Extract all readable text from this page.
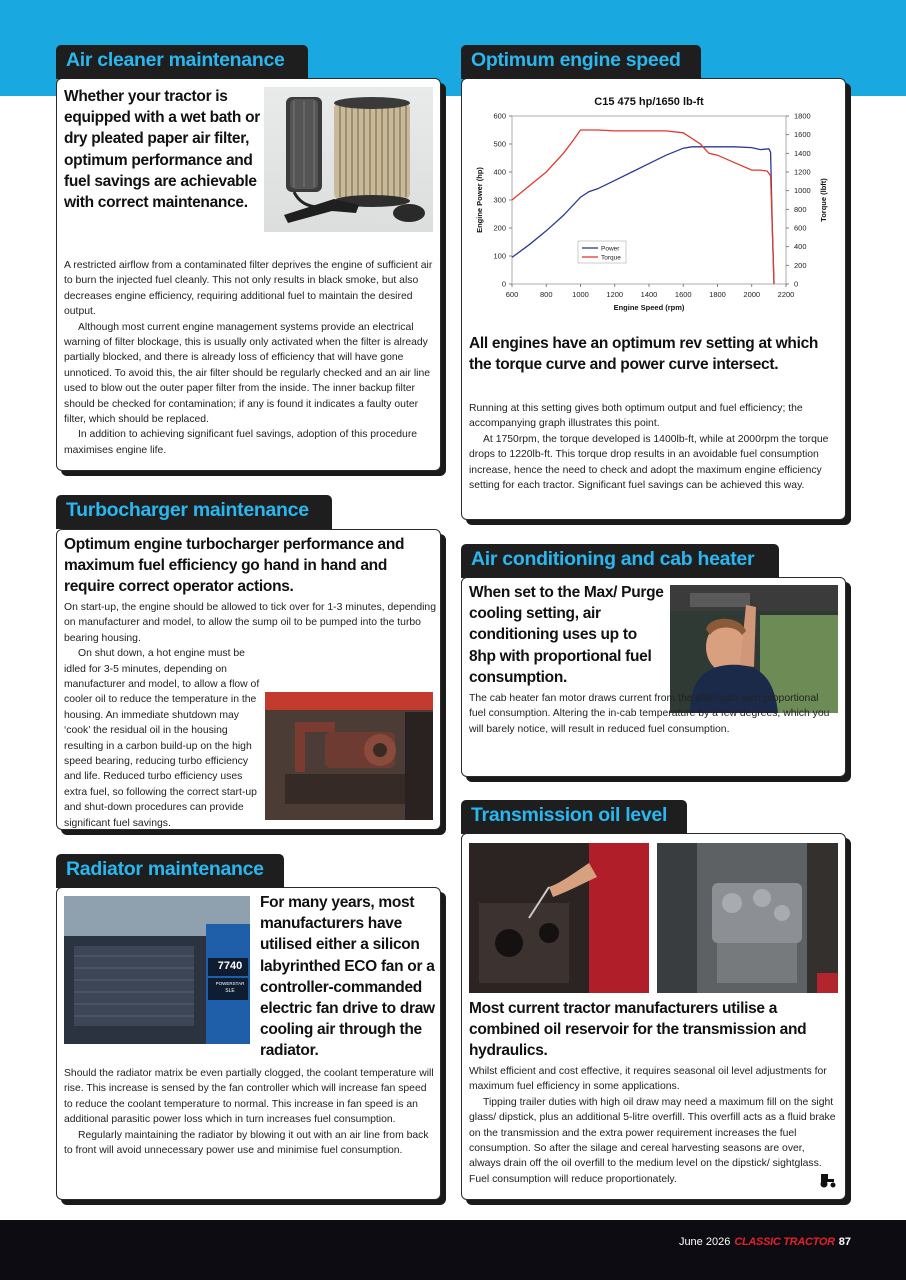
Air cleaner maintenance
Whether your tractor is equipped with a wet bath or dry pleated paper air filter, optimum performance and fuel savings are achievable with correct maintenance.

A restricted airflow from a contaminated filter deprives the engine of sufficient air to burn the injected fuel cleanly. This not only results in black smoke, but also decreases engine efficiency, requiring additional fuel to maintain the desired output.

Although most current engine management systems provide an electrical warning of filter blockage, this is usually only activated when the filter is already partially blocked, and there is already loss of efficiency that will have gone unnoticed. To avoid this, the air filter should be regularly checked and an air line used to blow out the outer paper filter from the inside. The inner backup filter should be checked for contamination; if any is found it indicates a faulty outer filter, which should be replaced.

In addition to achieving significant fuel savings, adoption of this procedure maximises engine life.

Turbocharger maintenance
Optimum engine turbocharger performance and maximum fuel efficiency go hand in hand and require correct operator actions.

On start-up, the engine should be allowed to tick over for 1-3 minutes, depending on manufacturer and model, to allow the sump oil to be pumped into the turbo bearing housing.

On shut down, a hot engine must be idled for 3-5 minutes, depending on manufacturer and model, to allow a flow of cooler oil to reduce the temperature in the housing. An immediate shutdown may ‘cook’ the residual oil in the housing resulting in a carbon build-up on the high speed bearing, reducing turbo efficiency and life. Reduced turbo efficiency uses extra fuel, so following the correct start-up and shut-down procedures can provide significant fuel savings.

Radiator maintenance
7740
POWERSTAR
SLE
For many years, most manufacturers have utilised either a silicon labyrinthed ECO fan or a controller-commanded electric fan drive to draw cooling air through the radiator.

Should the radiator matrix be even partially clogged, the coolant temperature will rise. This increase is sensed by the fan controller which will increase fan speed to reduce the coolant temperature to normal. This increase in fan speed is an additional parasitic power loss which in turn increases fuel consumption.

Regularly maintaining the radiator by blowing it out with an air line from back to front will avoid unnecessary power use and minimise fuel consumption.

Optimum engine speed
C15 475 hp/1650 lb-ft
600	800	1000 1200 1400 1600 1800 2000 2200
0
100
200
300
400
500
600
0
200
400
600
800
1000
1200
1400
1600
1800
Engine Speed (rpm)
Engine Power (hp)	Torque (lbft)
Power
Torque
All engines have an optimum rev setting at which the torque curve and power curve intersect.

Running at this setting gives both optimum output and fuel efficiency; the accompanying graph illustrates this point.

At 1750rpm, the torque developed is 1400lb-ft, while at 2000rpm the torque drops to 1220lb-ft. This torque drop results in an avoidable fuel consumption increase, hence the need to check and adopt the maximum engine efficiency setting for each tractor. Significant fuel savings can be achieved this way.

Air conditioning and cab heater
When set to the Max/ Purge cooling setting, air conditioning uses up to 8hp with proportional fuel consumption.

The cab heater fan motor draws current from the alternator with proportional fuel consumption. Altering the in-cab temperature by a few degrees, which you will barely notice, will result in reduced fuel consumption.

Transmission oil level
Most current tractor manufacturers utilise a combined oil reservoir for the transmission and hydraulics.

Whilst efficient and cost effective, it requires seasonal oil level adjustments for maximum fuel efficiency in some applications.

Tipping trailer duties with high oil draw may need a maximum fill on the sight glass/ dipstick, plus an additional 5-litre overfill. This overfill acts as a fluid brake on the transmission and the extra power requirement increases the fuel consumption. So after the silage and cereal harvesting seasons are over, always drain off the oil overfill to the medium level on the dipstick/ sightglass. Fuel consumption will reduce proportionately.

June 2026 CLASSIC TRACTOR 87
